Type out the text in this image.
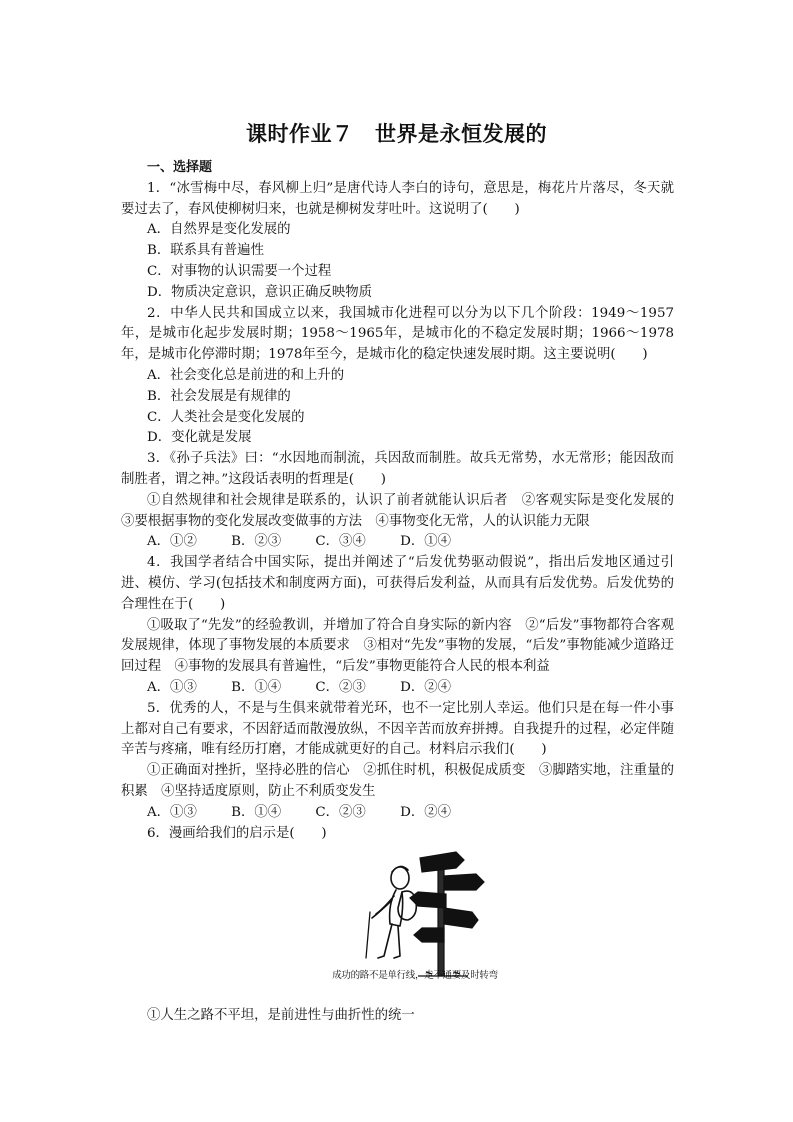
课时作业７　世界是永恒发展的

一、选择题

1．“冰雪梅中尽，春风柳上归”是唐代诗人李白的诗句，意思是，梅花片片落尽，冬天就要过去了，春风使柳树归来，也就是柳树发芽吐叶。这说明了(　　)

A．自然界是变化发展的

B．联系具有普遍性

C．对事物的认识需要一个过程

D．物质决定意识，意识正确反映物质

2．中华人民共和国成立以来，我国城市化进程可以分为以下几个阶段：1949～1957年，是城市化起步发展时期；1958～1965年，是城市化的不稳定发展时期；1966～1978年，是城市化停滞时期；1978年至今，是城市化的稳定快速发展时期。这主要说明(　　)

A．社会变化总是前进的和上升的

B．社会发展是有规律的

C．人类社会是变化发展的

D．变化就是发展

3．《孙子兵法》曰：“水因地而制流，兵因敌而制胜。故兵无常势，水无常形；能因敌而制胜者，谓之神。”这段话表明的哲理是(　　)

①自然规律和社会规律是联系的，认识了前者就能认识后者　②客观实际是变化发展的　③要根据事物的变化发展改变做事的方法　④事物变化无常，人的认识能力无限

A．①②	B．②③	C．③④	D．①④

4．我国学者结合中国实际，提出并阐述了“后发优势驱动假说”，指出后发地区通过引进、模仿、学习(包括技术和制度两方面)，可获得后发利益，从而具有后发优势。后发优势的合理性在于(　　)

①吸取了“先发”的经验教训，并增加了符合自身实际的新内容　②“后发”事物都符合客观发展规律，体现了事物发展的本质要求　③相对“先发”事物的发展，“后发”事物能减少道路迂回过程　④事物的发展具有普遍性，“后发”事物更能符合人民的根本利益

A．①③	B．①④	C．②③	D．②④

5．优秀的人，不是与生俱来就带着光环，也不一定比别人幸运。他们只是在每一件小事上都对自己有要求，不因舒适而散漫放纵，不因辛苦而放弃拼搏。自我提升的过程，必定伴随辛苦与疼痛，唯有经历打磨，才能成就更好的自己。材料启示我们(　　)

①正确面对挫折，坚持必胜的信心　②抓住时机，积极促成质变　③脚踏实地，注重量的积累　④坚持适度原则，防止不利质变发生

A．①③	B．①④	C．②③	D．②④

6．漫画给我们的启示是(　　)

成功的路不是单行线，走不通要及时转弯

①人生之路不平坦，是前进性与曲折性的统一
